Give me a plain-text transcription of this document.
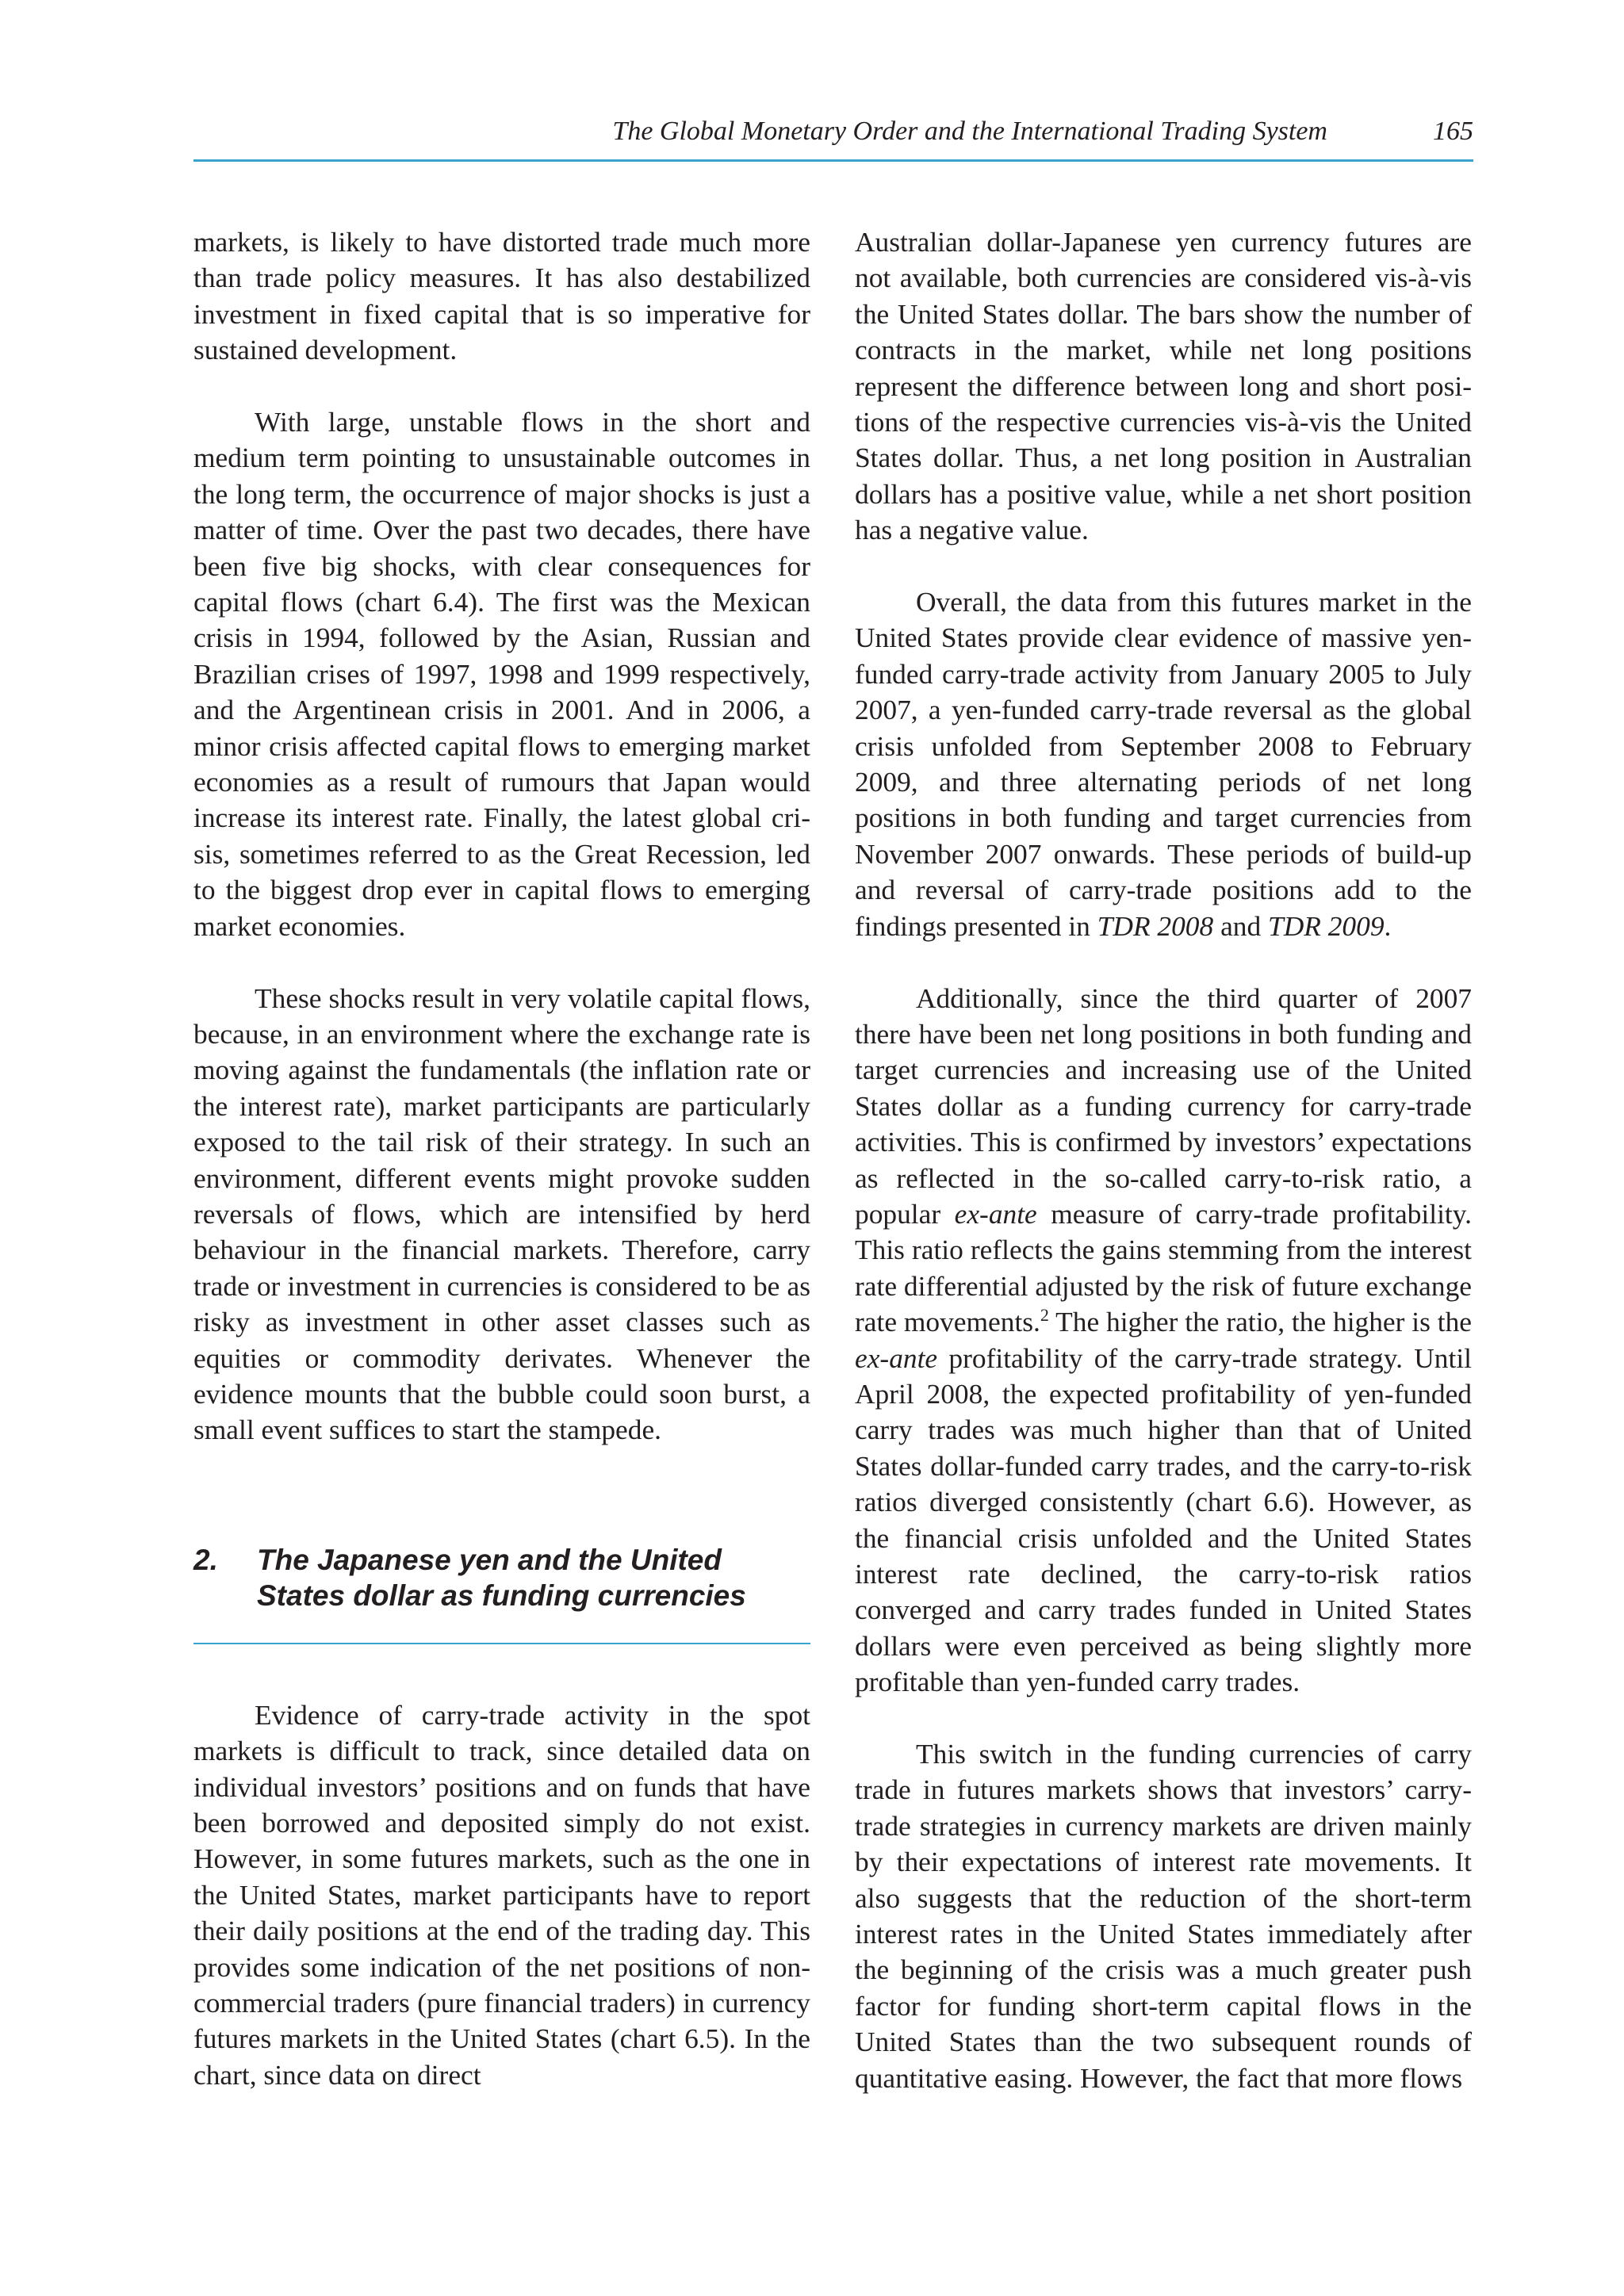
The Global Monetary Order and the International Trading System	165

markets, is likely to have distorted trade much more than trade policy measures. It has also destabilized investment in fixed capital that is so imperative for sustained development.

With large, unstable flows in the short and medium term pointing to unsustainable outcomes in the long term, the occurrence of major shocks is just a matter of time. Over the past two decades, there have been five big shocks, with clear consequences for capital flows (chart 6.4). The first was the Mexican crisis in 1994, followed by the Asian, Russian and Brazilian crises of 1997, 1998 and 1999 respectively, and the Argentinean crisis in 2001. And in 2006, a minor crisis affected capital flows to emerging market economies as a result of rumours that Japan would increase its interest rate. Finally, the latest global crisis, sometimes referred to as the Great Recession, led to the biggest drop ever in capital flows to emerging market economies.

These shocks result in very volatile capital flows, because, in an environment where the exchange rate is moving against the fundamentals (the inflation rate or the interest rate), market participants are particularly exposed to the tail risk of their strategy. In such an environment, different events might provoke sudden reversals of flows, which are intensified by herd behaviour in the financial markets. Therefore, carry trade or investment in currencies is considered to be as risky as investment in other asset classes such as equities or commodity derivates. Whenever the evidence mounts that the bubble could soon burst, a small event suffices to start the stampede.

2.	The Japanese yen and the United States dollar as funding currencies

Evidence of carry-trade activity in the spot markets is difficult to track, since detailed data on individual investors’ positions and on funds that have been borrowed and deposited simply do not exist. However, in some futures markets, such as the one in the United States, market participants have to report their daily positions at the end of the trading day. This provides some indication of the net positions of non-commercial traders (pure financial traders) in currency futures markets in the United States (chart 6.5). In the chart, since data on direct

Australian dollar-Japanese yen currency futures are not available, both currencies are considered vis-à-vis the United States dollar. The bars show the number of contracts in the market, while net long positions represent the difference between long and short positions of the respective currencies vis-à-vis the United States dollar. Thus, a net long position in Australian dollars has a positive value, while a net short position has a negative value.

Overall, the data from this futures market in the United States provide clear evidence of massive yen-funded carry-trade activity from January 2005 to July 2007, a yen-funded carry-trade reversal as the global crisis unfolded from September 2008 to February 2009, and three alternating periods of net long positions in both funding and target currencies from November 2007 onwards. These periods of build-up and reversal of carry-trade positions add to the findings presented in TDR 2008 and TDR 2009.

Additionally, since the third quarter of 2007 there have been net long positions in both funding and target currencies and increasing use of the United States dollar as a funding currency for carry-trade activities. This is confirmed by investors’ expectations as reflected in the so-called carry-to-risk ratio, a popular ex-ante measure of carry-trade profitability. This ratio reflects the gains stemming from the interest rate differential adjusted by the risk of future exchange rate movements.$^2$ The higher the ratio, the higher is the ex-ante profitability of the carry-trade strategy. Until April 2008, the expected profitability of yen-funded carry trades was much higher than that of United States dollar-funded carry trades, and the carry-to-risk ratios diverged consistently (chart 6.6). However, as the financial crisis unfolded and the United States interest rate declined, the carry-to-risk ratios converged and carry trades funded in United States dollars were even perceived as being slightly more profitable than yen-funded carry trades.

This switch in the funding currencies of carry trade in futures markets shows that investors’ carry-trade strategies in currency markets are driven mainly by their expectations of interest rate movements. It also suggests that the reduction of the short-term interest rates in the United States immediately after the beginning of the crisis was a much greater push factor for funding short-term capital flows in the United States than the two subsequent rounds of quantitative easing. However, the fact that more flows
